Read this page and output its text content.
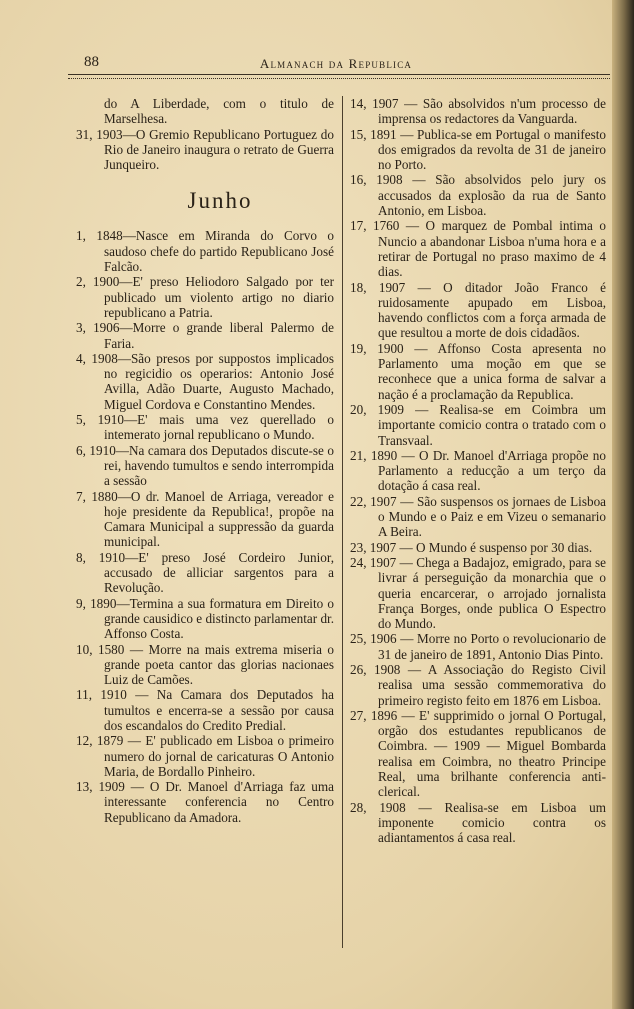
88	Almanach da Republica

do A Liberdade, com o titulo de Marselhesa.

31, 1903—O Gremio Republicano Portuguez do Rio de Janeiro inaugura o retrato de Guerra Junqueiro.

Junho

1, 1848—Nasce em Miranda do Corvo o saudoso chefe do partido Republicano José Falcão.

2, 1900—E' preso Heliodoro Salgado por ter publicado um violento artigo no diario republicano a Patria.

3, 1906—Morre o grande liberal Palermo de Faria.

4, 1908—São presos por suppostos implicados no regicidio os operarios: Antonio José Avilla, Adão Duarte, Augusto Machado, Miguel Cordova e Constantino Mendes.

5, 1910—E' mais uma vez querellado o intemerato jornal republicano o Mundo.

6, 1910—Na camara dos Deputados discute-se o rei, havendo tumultos e sendo interrompida a sessão

7, 1880—O dr. Manoel de Arriaga, vereador e hoje presidente da Republica!, propõe na Camara Municipal a suppressão da guarda municipal.

8, 1910—E' preso José Cordeiro Junior, accusado de alliciar sargentos para a Revolução.

9, 1890—Termina a sua formatura em Direito o grande causidico e distincto parlamentar dr. Affonso Costa.

10, 1580 — Morre na mais extrema miseria o grande poeta cantor das glorias nacionaes Luiz de Camões.

11, 1910 — Na Camara dos Deputados ha tumultos e encerra-se a sessão por causa dos escandalos do Credito Predial.

12, 1879 — E' publicado em Lisboa o primeiro numero do jornal de caricaturas O Antonio Maria, de Bordallo Pinheiro.

13, 1909 — O Dr. Manoel d'Arriaga faz uma interessante conferencia no Centro Republicano da Amadora.

14, 1907 — São absolvidos n'um processo de imprensa os redactores da Vanguarda.

15, 1891 — Publica-se em Portugal o manifesto dos emigrados da revolta de 31 de janeiro no Porto.

16, 1908 — São absolvidos pelo jury os accusados da explosão da rua de Santo Antonio, em Lisboa.

17, 1760 — O marquez de Pombal intima o Nuncio a abandonar Lisboa n'uma hora e a retirar de Portugal no praso maximo de 4 dias.

18, 1907 — O ditador João Franco é ruidosamente apupado em Lisboa, havendo conflictos com a força armada de que resultou a morte de dois cidadãos.

19, 1900 — Affonso Costa apresenta no Parlamento uma moção em que se reconhece que a unica forma de salvar a nação é a proclamação da Republica.

20, 1909 — Realisa-se em Coimbra um importante comicio contra o tratado com o Transvaal.

21, 1890 — O Dr. Manoel d'Arriaga propõe no Parlamento a reducção a um terço da dotação á casa real.

22, 1907 — São suspensos os jornaes de Lisboa o Mundo e o Paiz e em Vizeu o semanario A Beira.

23, 1907 — O Mundo é suspenso por 30 dias.

24, 1907 — Chega a Badajoz, emigrado, para se livrar á perseguição da monarchia que o queria encarcerar, o arrojado jornalista França Borges, onde publica O Espectro do Mundo.

25, 1906 — Morre no Porto o revolucionario de 31 de janeiro de 1891, Antonio Dias Pinto.

26, 1908 — A Associação do Registo Civil realisa uma sessão commemorativa do primeiro registo feito em 1876 em Lisboa.

27, 1896 — E' supprimido o jornal O Portugal, orgão dos estudantes republicanos de Coimbra. — 1909 — Miguel Bombarda realisa em Coimbra, no theatro Principe Real, uma brilhante conferencia anti-clerical.

28, 1908 — Realisa-se em Lisboa um imponente comicio contra os adiantamentos á casa real.
